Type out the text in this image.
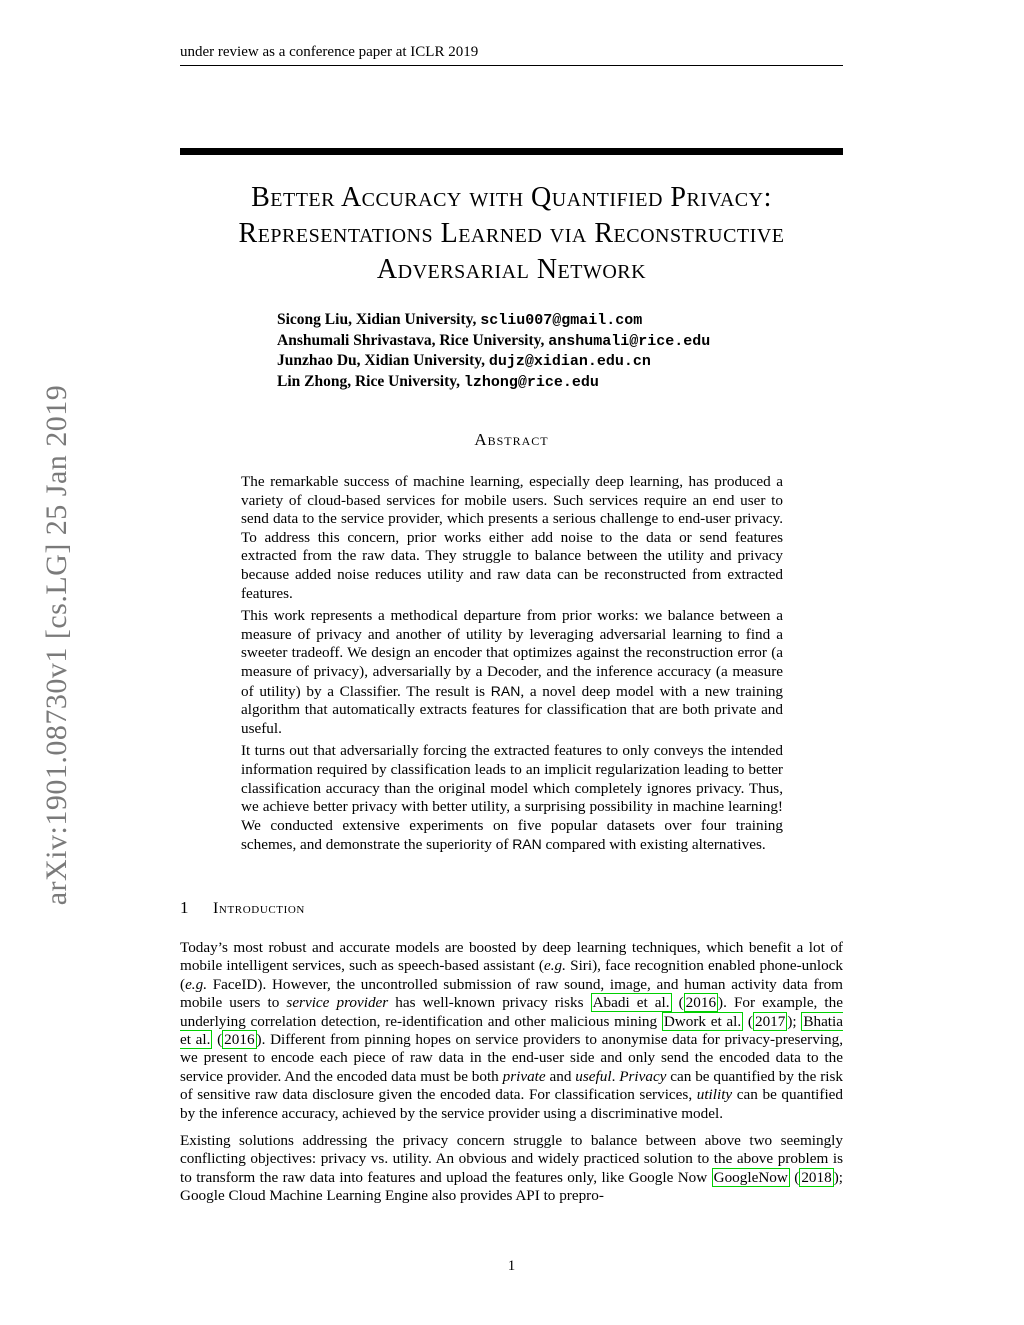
under review as a conference paper at ICLR 2019
Better Accuracy with Quantified Privacy:
Representations Learned via Reconstructive
Adversarial Network
Sicong Liu, Xidian University, scliu007@gmail.com
Anshumali Shrivastava, Rice University, anshumali@rice.edu
Junzhao Du, Xidian University, dujz@xidian.edu.cn
Lin Zhong, Rice University, lzhong@rice.edu
arXiv:1901.08730v1 [cs.LG] 25 Jan 2019	Abstract

The remarkable success of machine learning, especially deep learning, has produced a variety of cloud-based services for mobile users. Such services require an end user to send data to the service provider, which presents a serious challenge to end-user privacy. To address this concern, prior works either add noise to the data or send features extracted from the raw data. They struggle to balance between the utility and privacy because added noise reduces utility and raw data can be reconstructed from extracted features.

This work represents a methodical departure from prior works: we balance between a measure of privacy and another of utility by leveraging adversarial learning to find a sweeter tradeoff. We design an encoder that optimizes against the reconstruction error (a measure of privacy), adversarially by a Decoder, and the inference accuracy (a measure of utility) by a Classifier. The result is RAN, a novel deep model with a new training algorithm that automatically extracts features for classification that are both private and useful.

It turns out that adversarially forcing the extracted features to only conveys the intended information required by classification leads to an implicit regularization leading to better classification accuracy than the original model which completely ignores privacy. Thus, we achieve better privacy with better utility, a surprising possibility in machine learning! We conducted extensive experiments on five popular datasets over four training schemes, and demonstrate the superiority of RAN compared with existing alternatives.

1 Introduction

Today’s most robust and accurate models are boosted by deep learning techniques, which benefit a lot of mobile intelligent services, such as speech-based assistant (e.g. Siri), face recognition enabled phone-unlock (e.g. FaceID). However, the uncontrolled submission of raw sound, image, and human activity data from mobile users to service provider has well-known privacy risks Abadi et al. ( 2016 ). For example, the underlying correlation detection, re-identification and other malicious mining Dwork et al. ( 2017 ); Bhatia et al. ( 2016 ). Different from pinning hopes on service providers to anonymise data for privacy-preserving, we present to encode each piece of raw data in the end-user side and only send the encoded data to the service provider. And the encoded data must be both private and useful. Privacy can be quantified by the risk of sensitive raw data disclosure given the encoded data. For classification services, utility can be quantified by the inference accuracy, achieved by the service provider using a discriminative model.

Existing solutions addressing the privacy concern struggle to balance between above two seemingly conflicting objectives: privacy vs. utility. An obvious and widely practiced solution to the above problem is to transform the raw data into features and upload the features only, like Google Now GoogleNow ( 2018 ); Google Cloud Machine Learning Engine also provides API to prepro-

1
